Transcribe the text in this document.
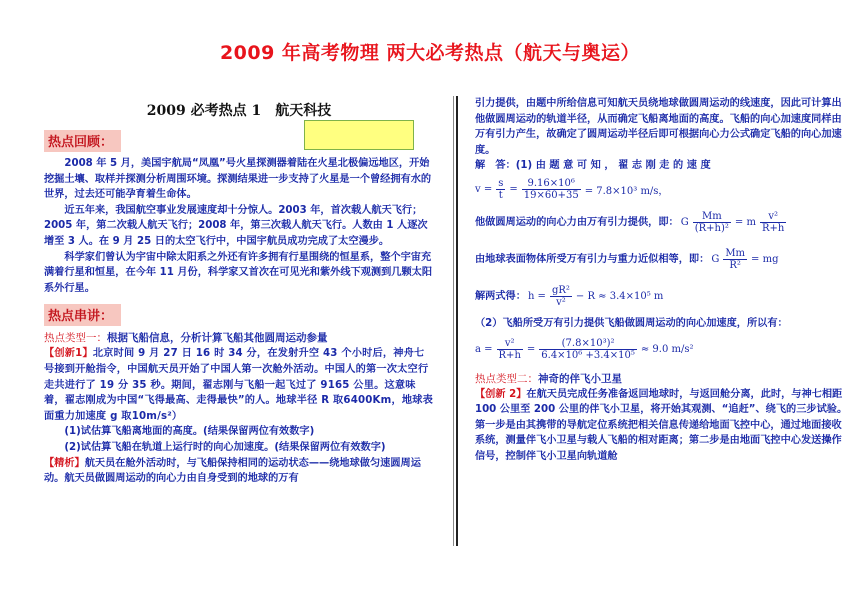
2009 年高考物理 两大必考热点（航天与奥运）
2009 必考热点 1　航天科技
热点回顾：

2008 年 5 月，美国宇航局“凤凰”号火星探测器着陆在火星北极偏远地区，开始挖掘土壤、取样并探测分析周围环境。探测结果进一步支持了火星是一个曾经拥有水的世界，过去还可能孕育着生命体。

近五年来，我国航空事业发展速度却十分惊人。2003 年，首次载人航天飞行；2005 年，第二次载人航天飞行；2008 年，第三次载人航天飞行。人数由 1 人逐次增至 3 人。在 9 月 25 日的太空飞行中，中国宇航员成功完成了太空漫步。

科学家们曾认为宇宙中除太阳系之外还有许多拥有行星围绕的恒星系，整个宇宙充满着行星和恒星，在今年 11 月份，科学家又首次在可见光和紫外线下观测到几颗太阳系外行星。

热点串讲：

热点类型一：根据飞船信息，分析计算飞船其他圆周运动参量

【创新1】北京时间 9 月 27 日 16 时 34 分，在发射升空 43 个小时后，神舟七号接到开舱指令，中国航天员开始了中国人第一次舱外活动。中国人的第一次太空行走共进行了 19 分 35 秒。期间，翟志刚与飞船一起飞过了 9165 公里。这意味着，翟志刚成为中国“飞得最高、走得最快”的人。地球半径 R 取6400Km，地球表面重力加速度 g 取10m/s²）

(1)试估算飞船离地面的高度。(结果保留两位有效数字)

(2)试估算飞船在轨道上运行时的向心加速度。(结果保留两位有效数字)

【精析】航天员在舱外活动时，与飞船保持相同的运动状态——绕地球做匀速圆周运动。航天员做圆周运动的向心力由自身受到的地球的万有

引力提供，由题中所给信息可知航天员绕地球做圆周运动的线速度，因此可计算出他做圆周运动的轨道半径，从而确定飞船离地面的高度。飞船的向心加速度同样由万有引力产生，故确定了圆周运动半径后即可根据向心力公式确定飞船的向心加速度。

解　答：(1) 由 题 意 可 知 ， 翟 志 刚 走 的 速 度

$v = \frac{s}{t} = \frac{\text{9.16×10⁶}}{19\times 60+35} = 7.8\times 10^3$ m/s，
他做圆周运动的向心力由万有引力提供，即： G $\frac{Mm}{\text{(R+h)²}} = m \frac{\text{v²}}{R+h}$
由地球表面物体所受万有引力与重力近似相等，即： G $\frac{Mm}{\text{R²}}$ = mg
解两式得： $h = \frac{\text{gR²}}{\text{v²}} - R \approx 3.4\times 10^5$ m

（2）飞船所受万有引力提供飞船做圆周运动的向心加速度，所以有：

$a = \frac{\text{v²}}{R+h} = \frac{\text{(7.8×10³)²}}{\text{6.4×10⁶ +3.4×10⁵}} \approx 9.0$ m/s²

热点类型二：神奇的伴飞小卫星

【创新 2】在航天员完成任务准备返回地球时，与返回舱分离，此时，与神七相距 100 公里至 200 公里的伴飞小卫星，将开始其观测、“追赶”、绕飞的三步试验。第一步是由其携带的导航定位系统把相关信息传递给地面飞控中心，通过地面接收系统，测量伴飞小卫星与载人飞船的相对距离；第二步是由地面飞控中心发送操作信号，控制伴飞小卫星向轨道舱
